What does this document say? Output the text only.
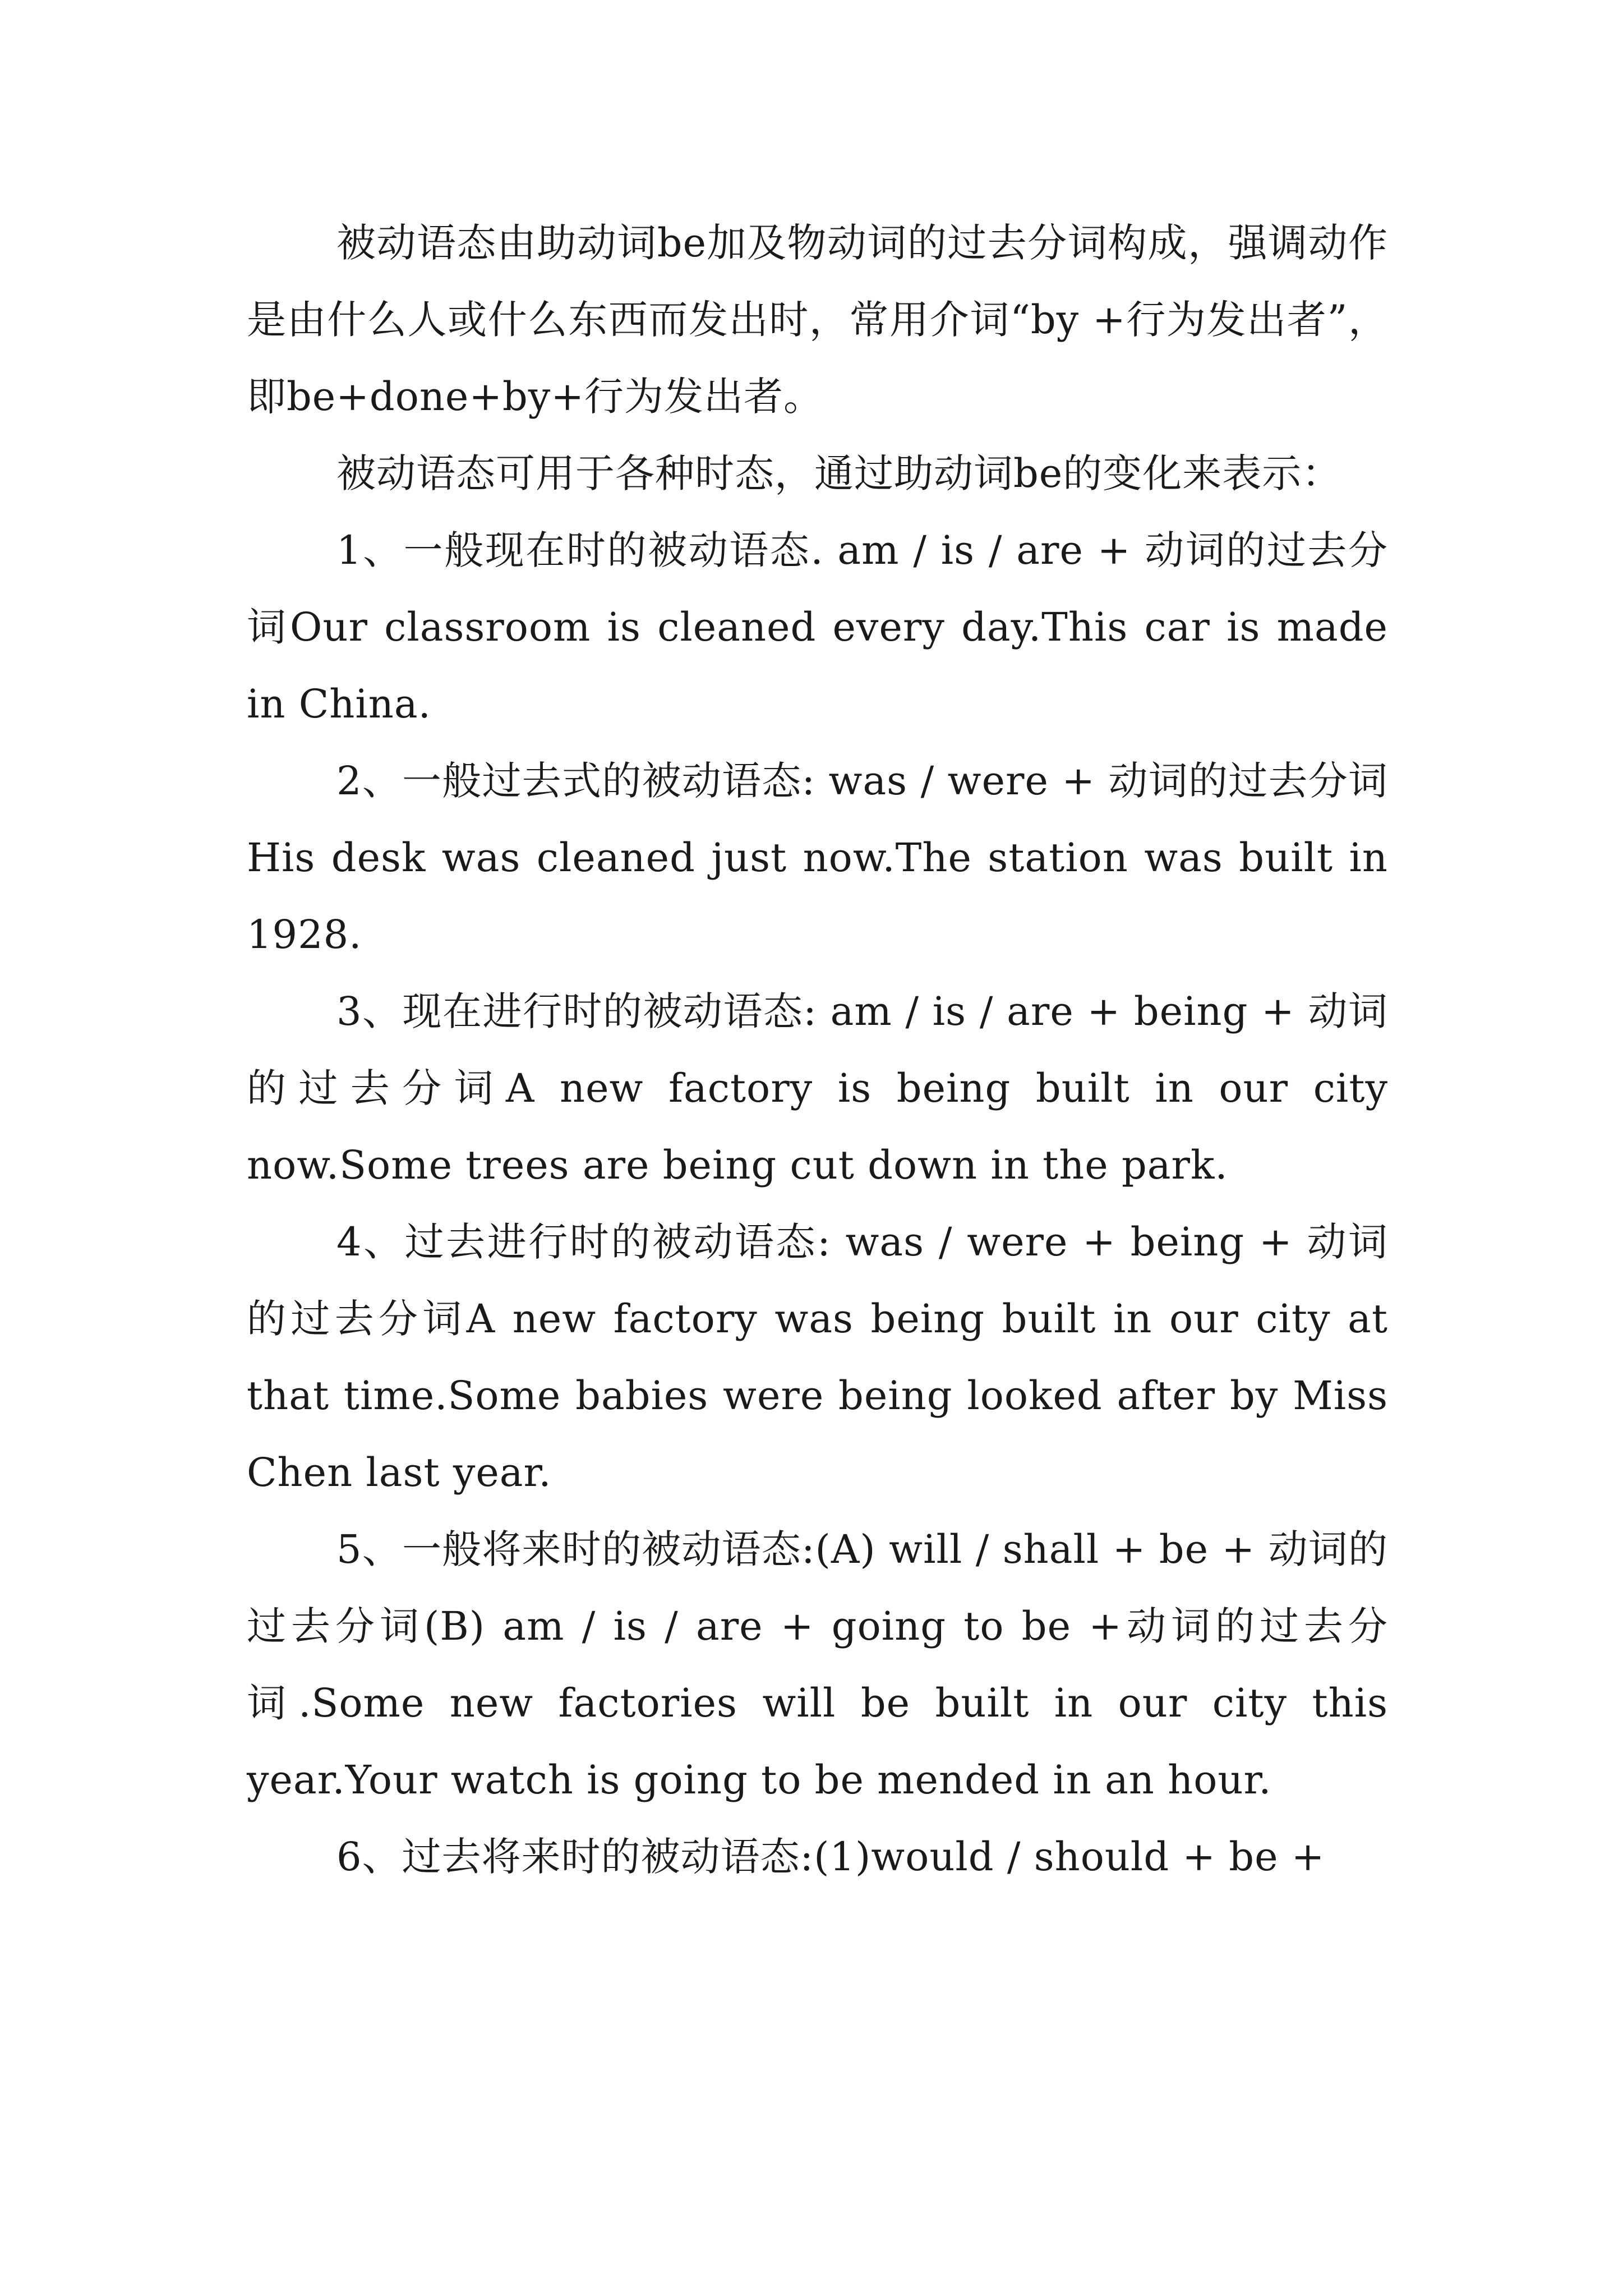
被动语态由助动词be加及物动词的过去分词构成，强调动作是由什么人或什么东西而发出时，常用介词“by +行为发出者”，即be+done+by+行为发出者。

被动语态可用于各种时态，通过助动词be的变化来表示：

1、一般现在时的被动语态. am / is / are + 动词的过去分词Our classroom is cleaned every day.This car is made in China.

2、一般过去式的被动语态: was / were + 动词的过去分词His desk was cleaned just now.The station was built in 1928.

3、现在进行时的被动语态: am / is / are + being + 动词的过去分词A new factory is being built in our city now.Some trees are being cut down in the park.

4、过去进行时的被动语态: was / were + being + 动词的过去分词A new factory was being built in our city at that time.Some babies were being looked after by Miss Chen last year.

5、一般将来时的被动语态:(A) will / shall + be + 动词的过去分词(B) am / is / are + going to be +动词的过去分词.Some new factories will be built in our city this year.Your watch is going to be mended in an hour.

6、过去将来时的被动语态:(1)would / should + be +
